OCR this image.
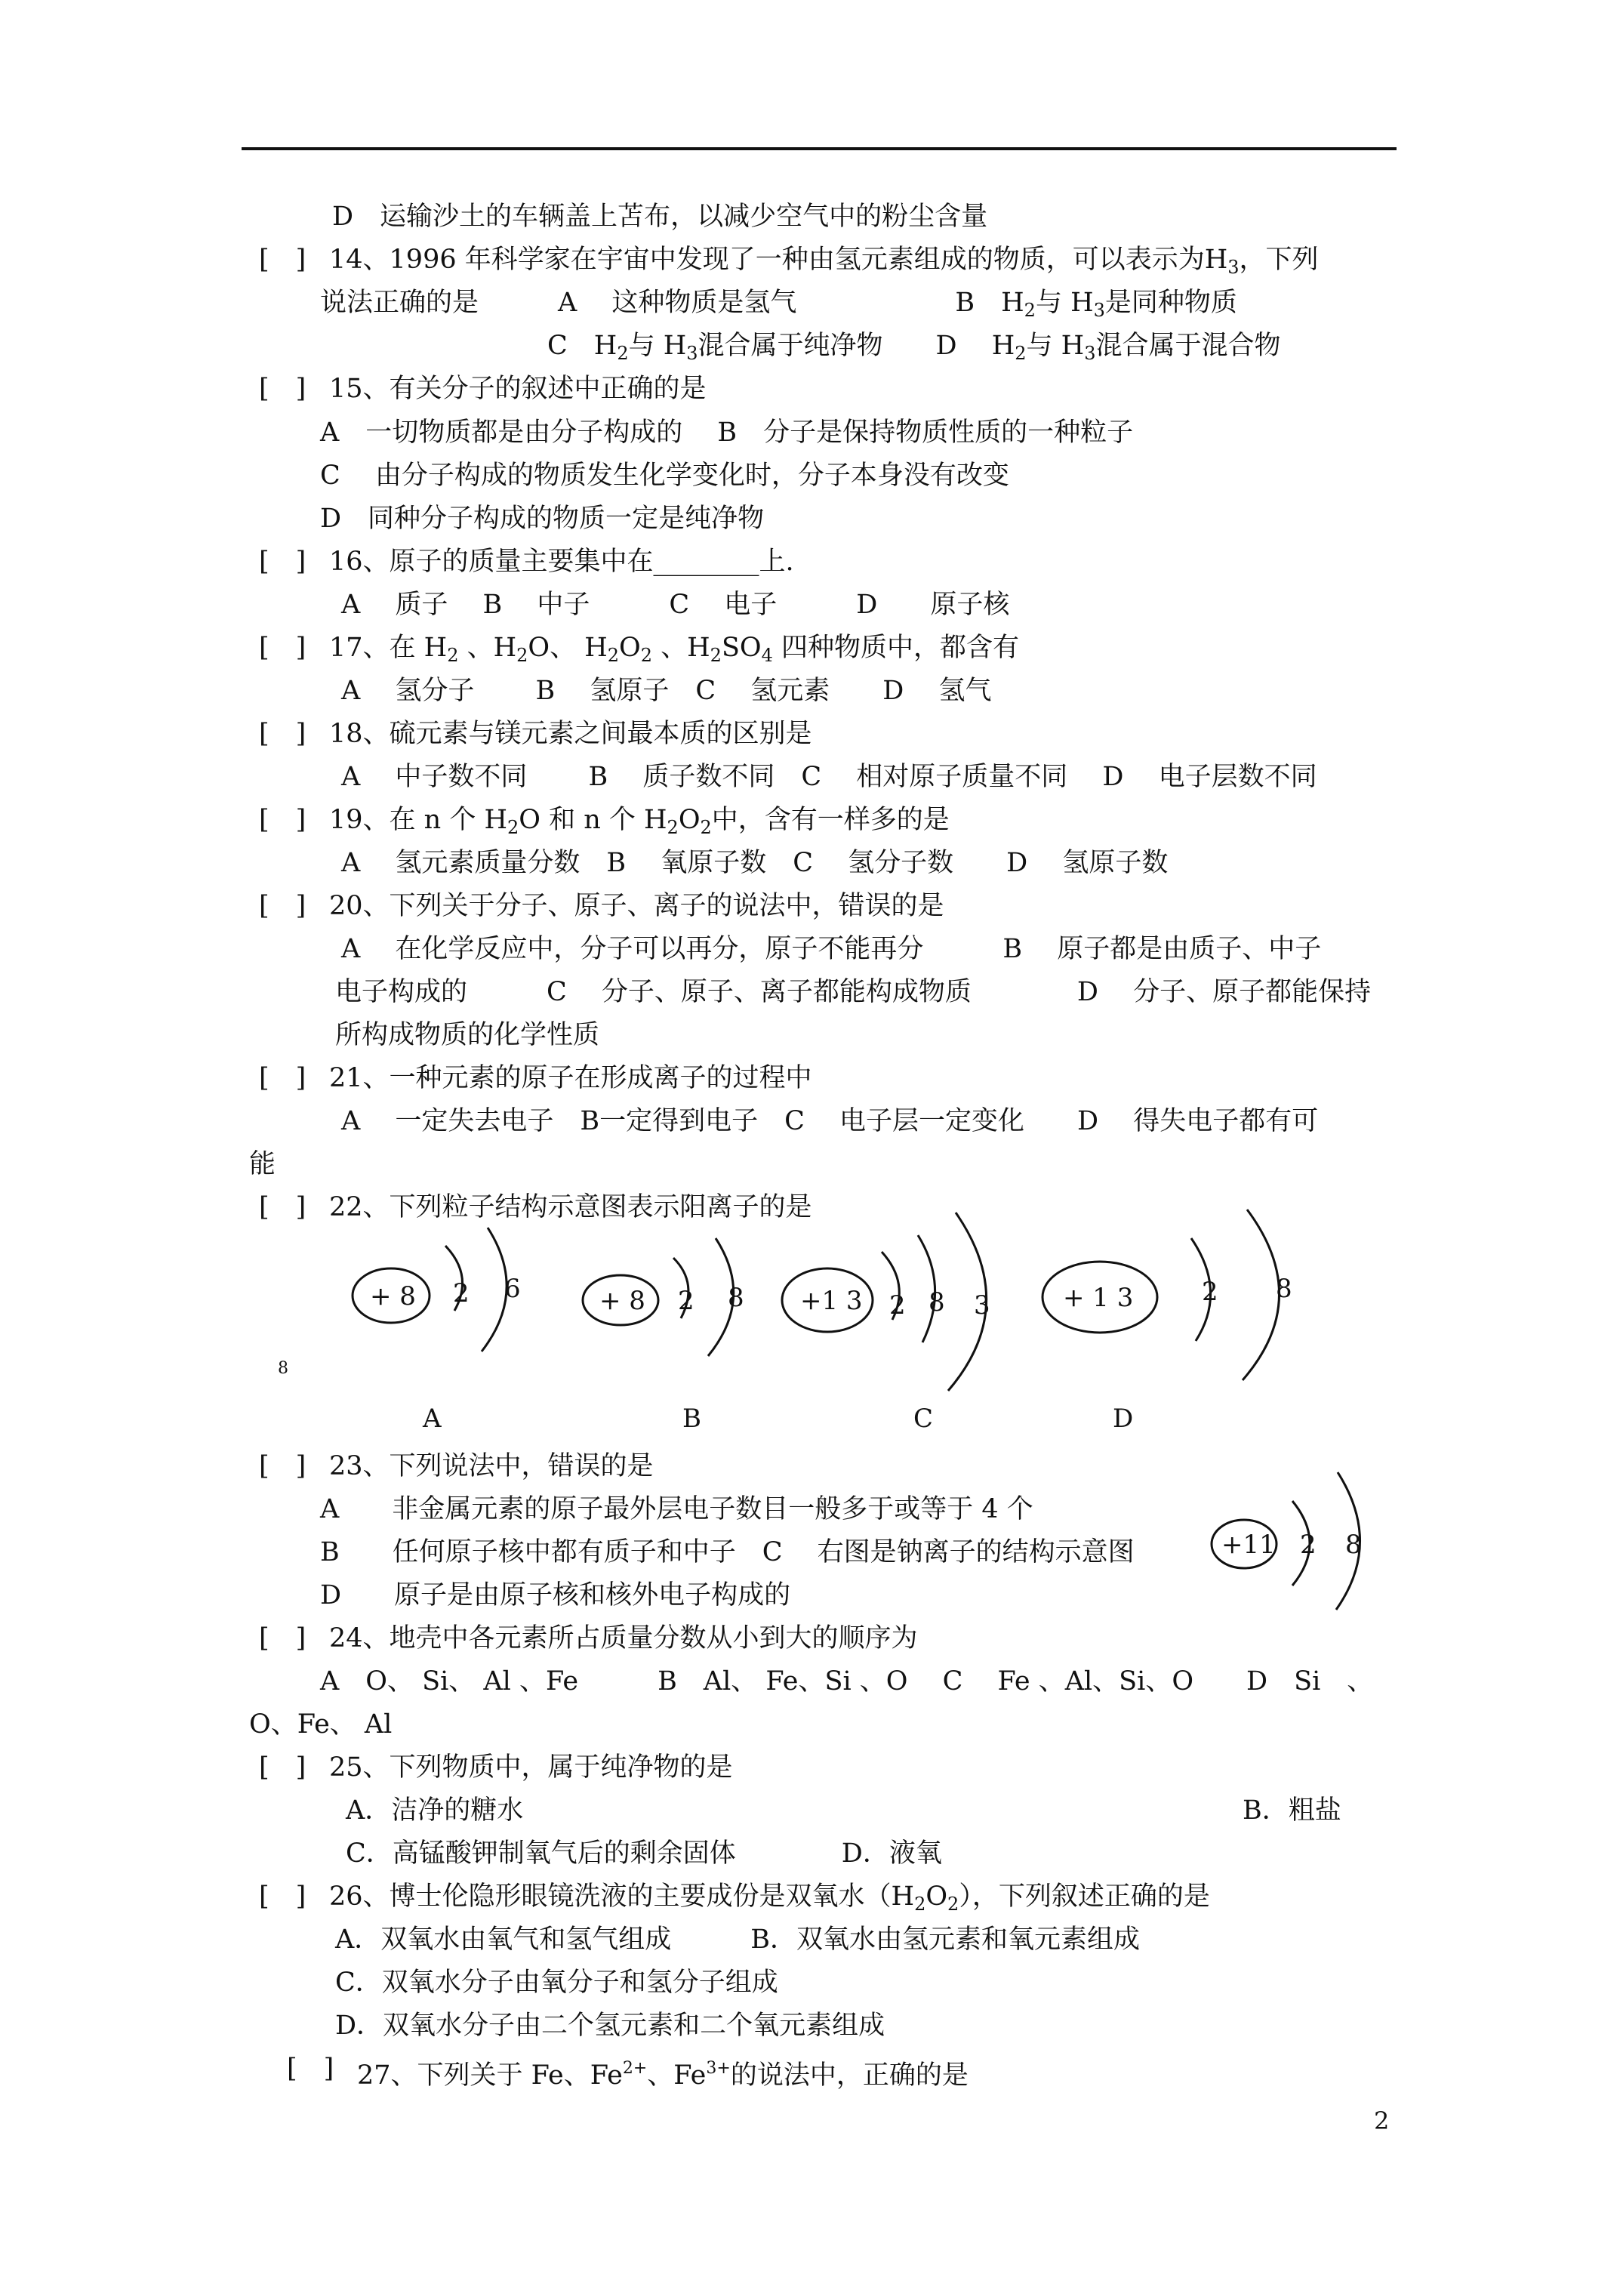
D　运输沙土的车辆盖上苫布，以减少空气中的粉尘含量
[　] 14、1996 年科学家在宇宙中发现了一种由氢元素组成的物质，可以表示为$H_3$，下列
说法正确的是　　　A　 这种物质是氢气　　　　　　B　$H_2$与 $H_3$是同种物质
C　$H_2$与 $H_3$混合属于纯净物　　D　 $H_2$与 $H_3$混合属于混合物
[　] 15、有关分子的叙述中正确的是
A　一切物质都是由分子构成的　 B　分子是保持物质性质的一种粒子
C　 由分子构成的物质发生化学变化时，分子本身没有改变
D　同种分子构成的物质一定是纯净物
[　] 16、原子的质量主要集中在________上.
A　 质子　 B　 中子　　　C　 电子　　　D　　原子核
[　] 17、在 $H_2$ 、$H_2O$、 $H_2O_2$ 、$H_2SO_4$ 四种物质中，都含有
A　 氢分子　　 B　 氢原子　C　 氢元素　　D　 氢气
[　] 18、硫元素与镁元素之间最本质的区别是
A　 中子数不同　　 B　 质子数不同　C　 相对原子质量不同　 D　 电子层数不同
[　] 19、在 n 个 $H_2O$ 和 n 个 $H_2O_2$中，含有一样多的是
A　 氢元素质量分数　B　 氧原子数　C　 氢分子数　　D　 氢原子数
[　] 20、下列关于分子、原子、离子的说法中，错误的是
A　 在化学反应中，分子可以再分，原子不能再分　　　B　 原子都是由质子、中子
电子构成的　　　C　 分子、原子、离子都能构成物质　　　　D　 分子、原子都能保持
所构成物质的化学性质
[　] 21、一种元素的原子在形成离子的过程中
A　 一定失去电子　B一定得到电子　C　 电子层一定变化　　D　 得失电子都有可
能
[　] 22、下列粒子结构示意图表示阳离子的是
8
+ 8 2 6	+ 8 2 8 +1 3 2 8 3	+ 1 3	2 8
A	B	C	D
+11 2 8
[　] 23、下列说法中，错误的是
A　　非金属元素的原子最外层电子数目一般多于或等于 4 个
B　　任何原子核中都有质子和中子　C　 右图是钠离子的结构示意图
D　　原子是由原子核和核外电子构成的
[　] 24、地壳中各元素所占质量分数从小到大的顺序为
A　O、 Si、 Al 、Fe　　　B　Al、 Fe、Si 、O　 C　 Fe 、Al、Si、O　　D　Si　、
O、Fe、 Al
[　] 25、下列物质中，属于纯净物的是
A．洁净的糖水	B．粗盐
C．高锰酸钾制氧气后的剩余固体　　　　D．液氧
[　] 26、博士伦隐形眼镜洗液的主要成份是双氧水$(H_2O_2)$，下列叙述正确的是
A．双氧水由氧气和氢气组成　　　B．双氧水由氢元素和氧元素组成
C．双氧水分子由氧分子和氢分子组成
D．双氧水分子由二个氢元素和二个氧元素组成
[　] 27、下列关于 Fe、$Fe^{2+}$、$Fe^{3+}$的说法中，正确的是
2
